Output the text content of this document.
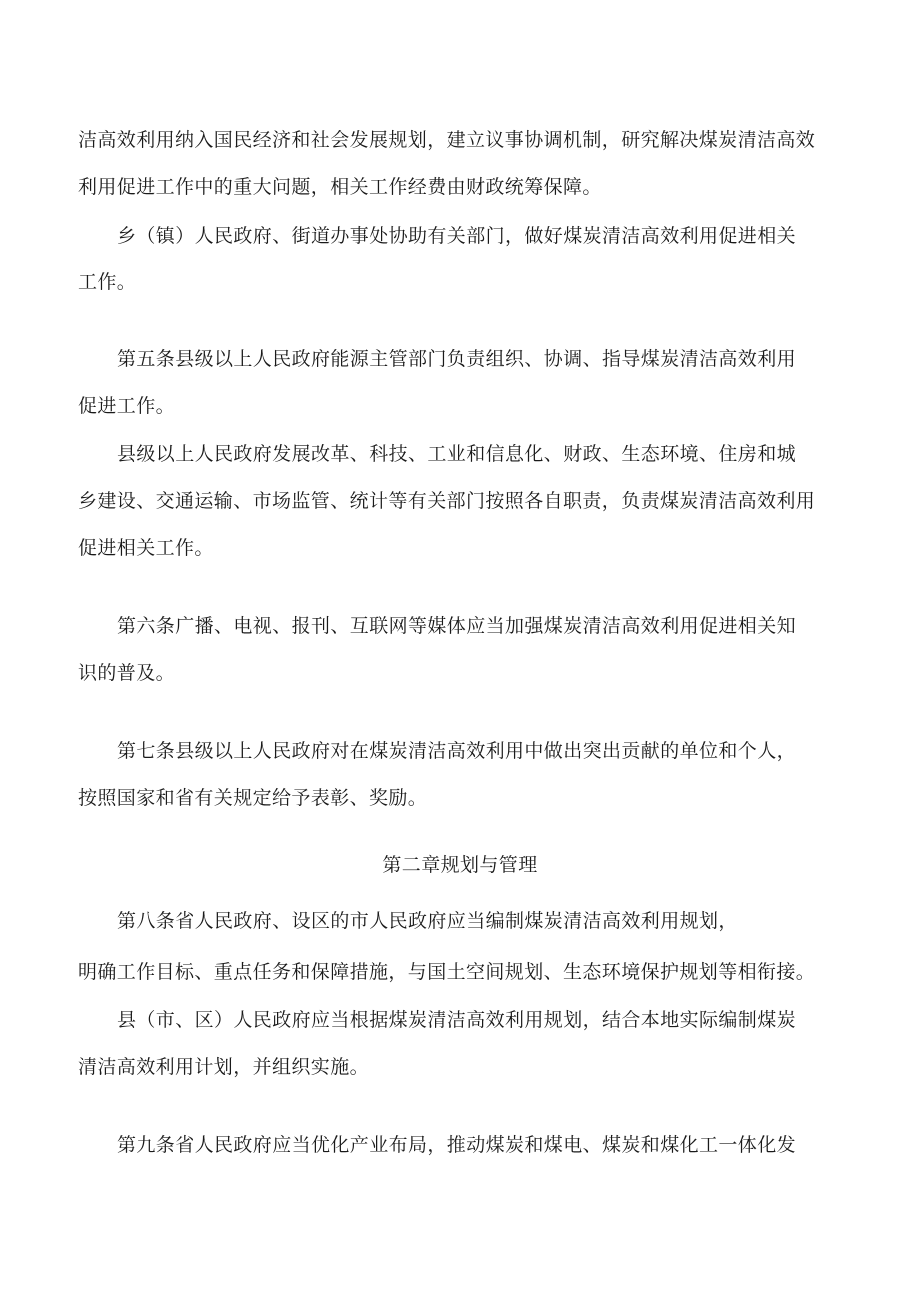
洁高效利用纳入国民经济和社会发展规划，建立议事协调机制，研究解决煤炭清洁高效
利用促进工作中的重大问题，相关工作经费由财政统筹保障。
乡（镇）人民政府、街道办事处协助有关部门，做好煤炭清洁高效利用促进相关
工作。
第五条县级以上人民政府能源主管部门负责组织、协调、指导煤炭清洁高效利用
促进工作。
县级以上人民政府发展改革、科技、工业和信息化、财政、生态环境、住房和城
乡建设、交通运输、市场监管、统计等有关部门按照各自职责，负责煤炭清洁高效利用
促进相关工作。
第六条广播、电视、报刊、互联网等媒体应当加强煤炭清洁高效利用促进相关知
识的普及。
第七条县级以上人民政府对在煤炭清洁高效利用中做出突出贡献的单位和个人，
按照国家和省有关规定给予表彰、奖励。
第二章规划与管理
第八条省人民政府、设区的市人民政府应当编制煤炭清洁高效利用规划，
明确工作目标、重点任务和保障措施，与国土空间规划、生态环境保护规划等相衔接。
县（市、区）人民政府应当根据煤炭清洁高效利用规划，结合本地实际编制煤炭
清洁高效利用计划，并组织实施。
第九条省人民政府应当优化产业布局，推动煤炭和煤电、煤炭和煤化工一体化发
